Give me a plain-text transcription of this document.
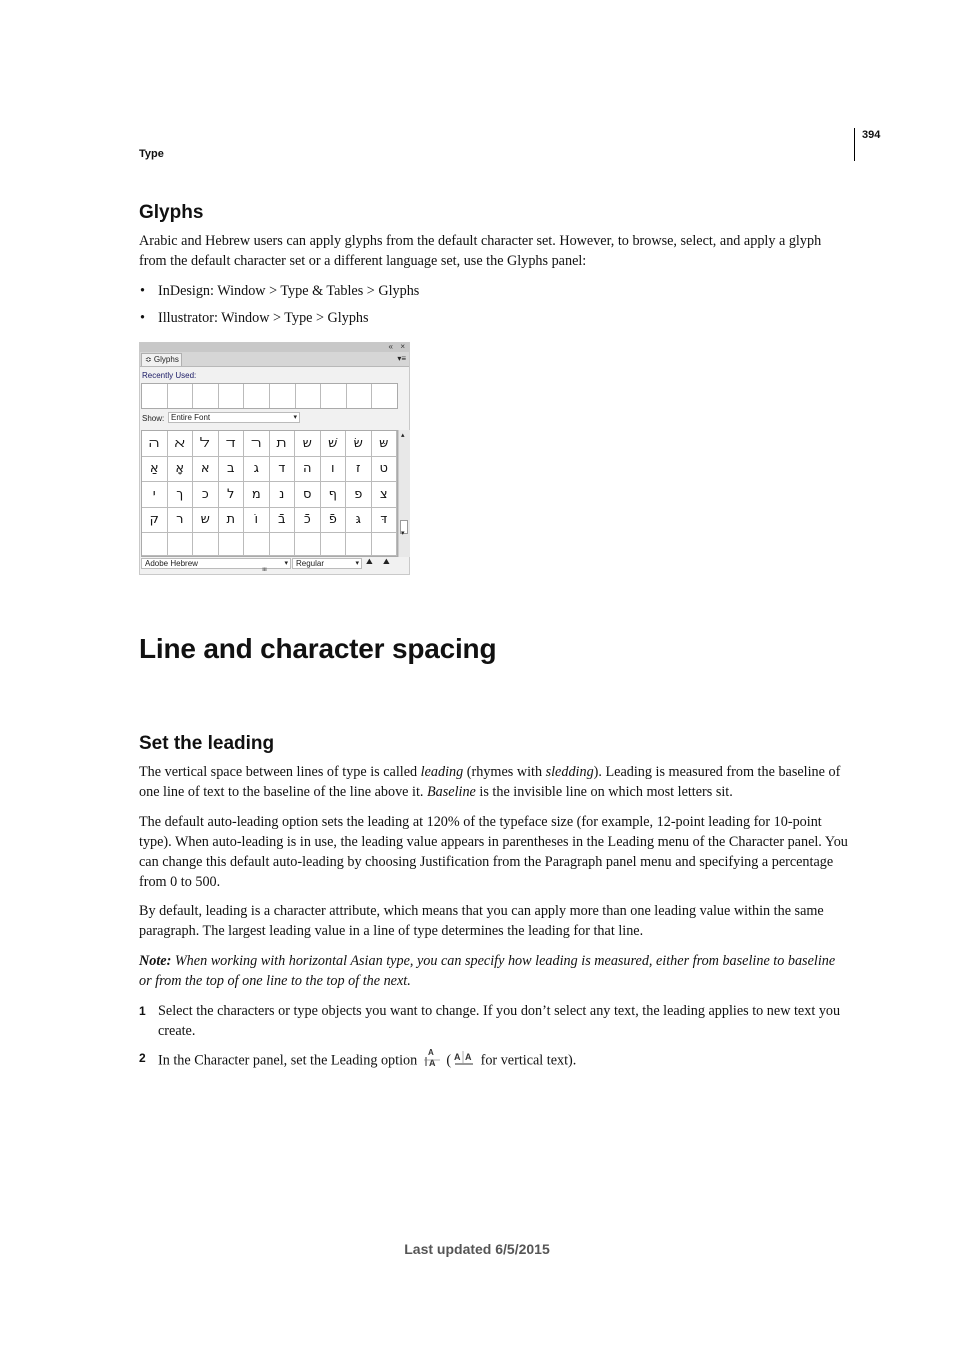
394
Type
Glyphs

Arabic and Hebrew users can apply glyphs from the default character set. However, to browse, select, and apply a glyph from the default character set or a different language set, use the Glyphs panel:

• InDesign: Window > Type & Tables > Glyphs
• Illustrator: Window > Type > Glyphs
« ×
≎ Glyphs	▾≡
Recently Used:
Show: Entire Font	▾
ﬣ	ﬡ	ﬥ	ﬢ	ﬧ	ﬨ	ש	שׁ	שׂ	שּ
אַ	אָ	א	ב	ג	ד	ה	ו	ז	ט
י	ך	כ	ל	מ	נ	ס	ף	פ	צ
ק	ר	ש	ת	וֹ	בֿ	כֿ	פֿ	גּ	דּ
▴
▾
Adobe Hebrew	▾	Regular	▾ ⛰ ⛰
ıııııı
Line and character spacing
Set the leading

The vertical space between lines of type is called leading (rhymes with sledding). Leading is measured from the baseline of one line of text to the baseline of the line above it. Baseline is the invisible line on which most letters sit.

The default auto-leading option sets the leading at 120% of the typeface size (for example, 12-point leading for 10-point type). When auto-leading is in use, the leading value appears in parentheses in the Leading menu of the Character panel. You can change this default auto-leading by choosing Justification from the Paragraph panel menu and specifying a percentage from 0 to 500.

By default, leading is a character attribute, which means that you can apply more than one leading value within the same paragraph. The largest leading value in a line of type determines the leading for that line.

Note: When working with horizontal Asian type, you can specify how leading is measured, either from baseline to baseline or from the top of one line to the top of the next.

1 Select the characters or type objects you want to change. If you don’t select any text, the leading applies to new text you create.
2 In the Character panel, set the Leading option A
A ( A A for vertical text).
Last updated 6/5/2015
